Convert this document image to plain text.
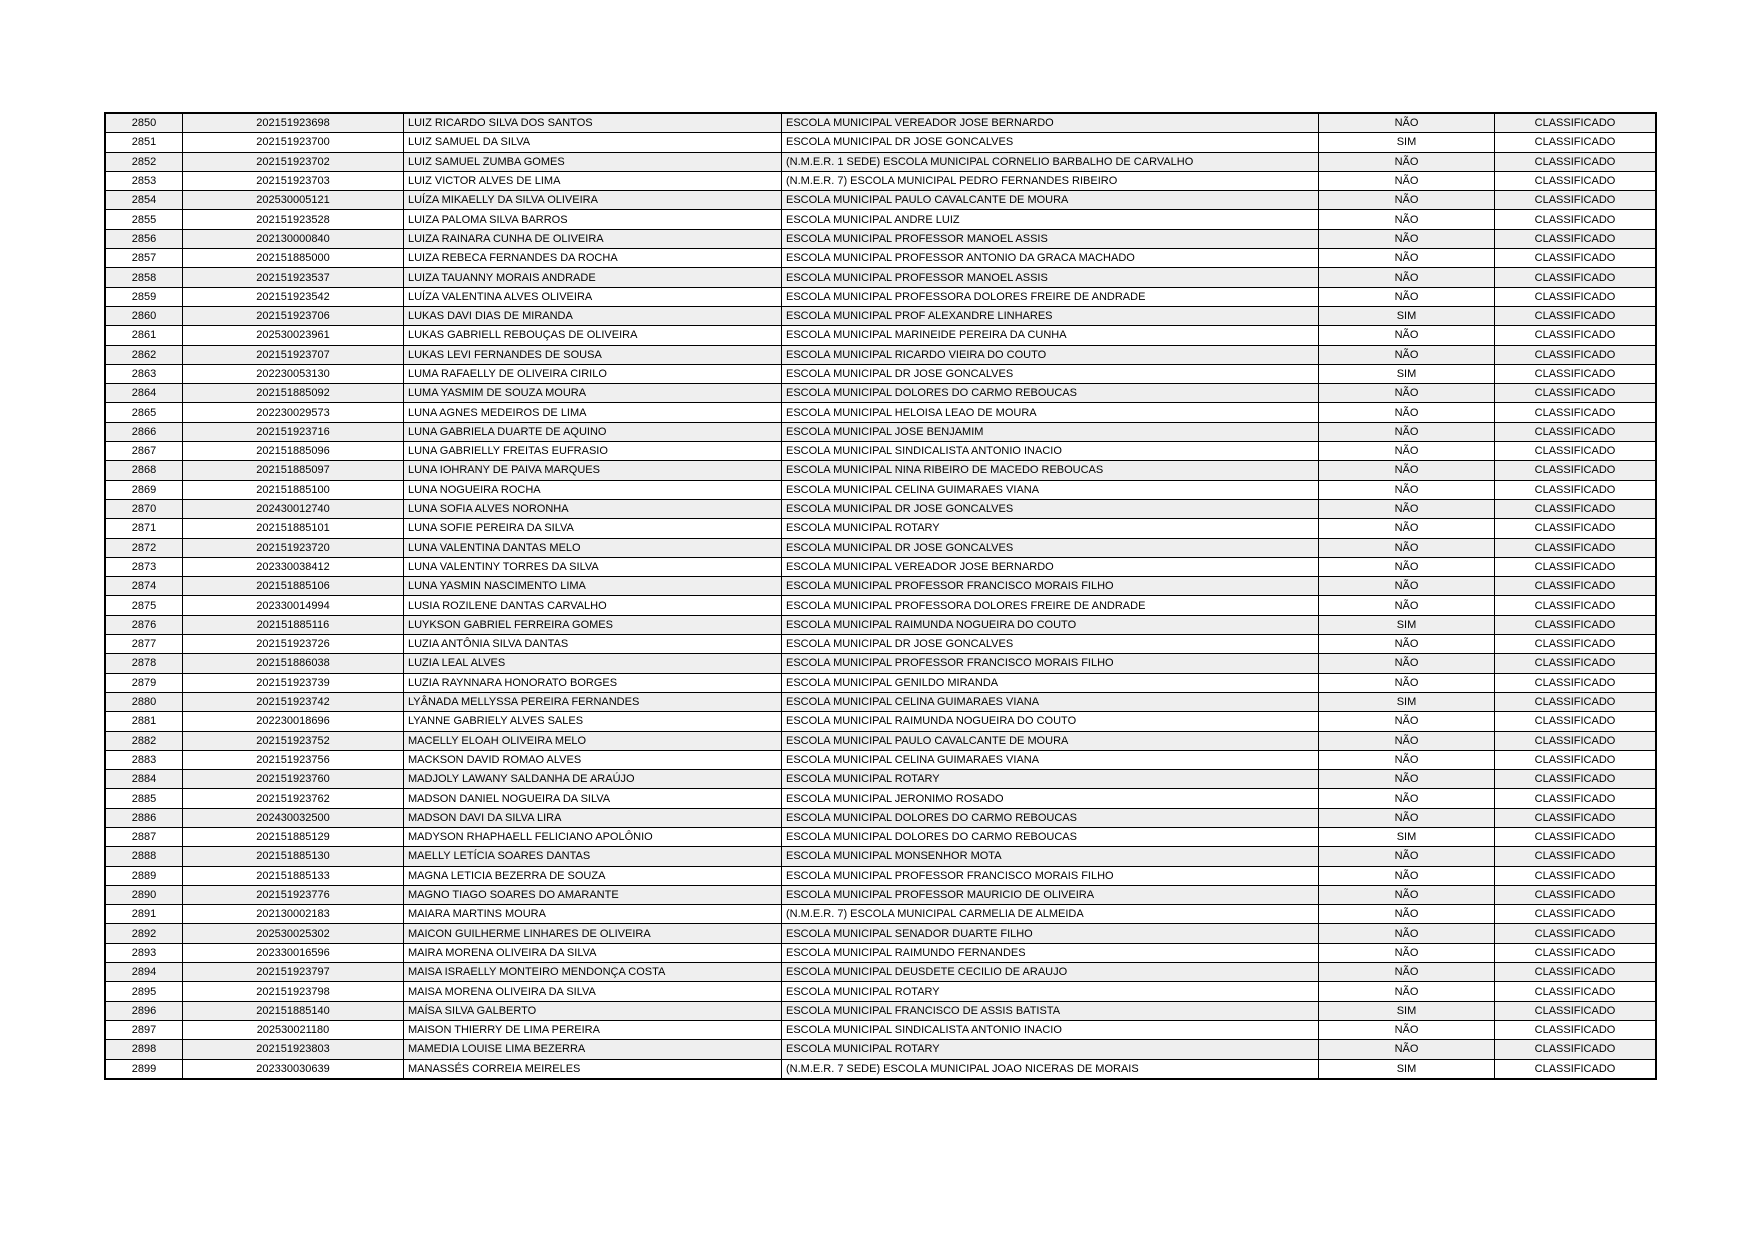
2850	202151923698	LUIZ RICARDO SILVA DOS SANTOS	ESCOLA MUNICIPAL VEREADOR JOSE BERNARDO	NÃO	CLASSIFICADO
2851	202151923700	LUIZ SAMUEL DA SILVA	ESCOLA MUNICIPAL DR JOSE GONCALVES	SIM	CLASSIFICADO
2852	202151923702	LUIZ SAMUEL ZUMBA GOMES	(N.M.E.R. 1 SEDE) ESCOLA MUNICIPAL CORNELIO BARBALHO DE CARVALHO	NÃO	CLASSIFICADO
2853	202151923703	LUIZ VICTOR ALVES DE LIMA	(N.M.E.R. 7) ESCOLA MUNICIPAL PEDRO FERNANDES RIBEIRO	NÃO	CLASSIFICADO
2854	202530005121	LUÍZA MIKAELLY DA SILVA OLIVEIRA	ESCOLA MUNICIPAL PAULO CAVALCANTE DE MOURA	NÃO	CLASSIFICADO
2855	202151923528	LUIZA PALOMA SILVA BARROS	ESCOLA MUNICIPAL ANDRE LUIZ	NÃO	CLASSIFICADO
2856	202130000840	LUIZA RAINARA CUNHA DE OLIVEIRA	ESCOLA MUNICIPAL PROFESSOR MANOEL ASSIS	NÃO	CLASSIFICADO
2857	202151885000	LUIZA REBECA FERNANDES DA ROCHA	ESCOLA MUNICIPAL PROFESSOR ANTONIO DA GRACA MACHADO	NÃO	CLASSIFICADO
2858	202151923537	LUIZA TAUANNY MORAIS ANDRADE	ESCOLA MUNICIPAL PROFESSOR MANOEL ASSIS	NÃO	CLASSIFICADO
2859	202151923542	LUÍZA VALENTINA ALVES OLIVEIRA	ESCOLA MUNICIPAL PROFESSORA DOLORES FREIRE DE ANDRADE	NÃO	CLASSIFICADO
2860	202151923706	LUKAS DAVI DIAS DE MIRANDA	ESCOLA MUNICIPAL PROF ALEXANDRE LINHARES	SIM	CLASSIFICADO
2861	202530023961	LUKAS GABRIELL REBOUÇAS DE OLIVEIRA	ESCOLA MUNICIPAL MARINEIDE PEREIRA DA CUNHA	NÃO	CLASSIFICADO
2862	202151923707	LUKAS LEVI FERNANDES DE SOUSA	ESCOLA MUNICIPAL RICARDO VIEIRA DO COUTO	NÃO	CLASSIFICADO
2863	202230053130	LUMA RAFAELLY DE OLIVEIRA CIRILO	ESCOLA MUNICIPAL DR JOSE GONCALVES	SIM	CLASSIFICADO
2864	202151885092	LUMA YASMIM DE SOUZA MOURA	ESCOLA MUNICIPAL DOLORES DO CARMO REBOUCAS	NÃO	CLASSIFICADO
2865	202230029573	LUNA AGNES MEDEIROS DE LIMA	ESCOLA MUNICIPAL HELOISA LEAO DE MOURA	NÃO	CLASSIFICADO
2866	202151923716	LUNA GABRIELA DUARTE DE AQUINO	ESCOLA MUNICIPAL JOSE BENJAMIM	NÃO	CLASSIFICADO
2867	202151885096	LUNA GABRIELLY FREITAS EUFRASIO	ESCOLA MUNICIPAL SINDICALISTA ANTONIO INACIO	NÃO	CLASSIFICADO
2868	202151885097	LUNA IOHRANY DE PAIVA MARQUES	ESCOLA MUNICIPAL NINA RIBEIRO DE MACEDO REBOUCAS	NÃO	CLASSIFICADO
2869	202151885100	LUNA NOGUEIRA ROCHA	ESCOLA MUNICIPAL CELINA GUIMARAES VIANA	NÃO	CLASSIFICADO
2870	202430012740	LUNA SOFIA ALVES NORONHA	ESCOLA MUNICIPAL DR JOSE GONCALVES	NÃO	CLASSIFICADO
2871	202151885101	LUNA SOFIE PEREIRA DA SILVA	ESCOLA MUNICIPAL ROTARY	NÃO	CLASSIFICADO
2872	202151923720	LUNA VALENTINA DANTAS MELO	ESCOLA MUNICIPAL DR JOSE GONCALVES	NÃO	CLASSIFICADO
2873	202330038412	LUNA VALENTINY TORRES DA SILVA	ESCOLA MUNICIPAL VEREADOR JOSE BERNARDO	NÃO	CLASSIFICADO
2874	202151885106	LUNA YASMIN NASCIMENTO LIMA	ESCOLA MUNICIPAL PROFESSOR FRANCISCO MORAIS FILHO	NÃO	CLASSIFICADO
2875	202330014994	LUSIA ROZILENE DANTAS CARVALHO	ESCOLA MUNICIPAL PROFESSORA DOLORES FREIRE DE ANDRADE	NÃO	CLASSIFICADO
2876	202151885116	LUYKSON GABRIEL FERREIRA GOMES	ESCOLA MUNICIPAL RAIMUNDA NOGUEIRA DO COUTO	SIM	CLASSIFICADO
2877	202151923726	LUZIA ANTÔNIA SILVA DANTAS	ESCOLA MUNICIPAL DR JOSE GONCALVES	NÃO	CLASSIFICADO
2878	202151886038	LUZIA LEAL ALVES	ESCOLA MUNICIPAL PROFESSOR FRANCISCO MORAIS FILHO	NÃO	CLASSIFICADO
2879	202151923739	LUZIA RAYNNARA HONORATO BORGES	ESCOLA MUNICIPAL GENILDO MIRANDA	NÃO	CLASSIFICADO
2880	202151923742	LYÂNADA MELLYSSA PEREIRA FERNANDES	ESCOLA MUNICIPAL CELINA GUIMARAES VIANA	SIM	CLASSIFICADO
2881	202230018696	LYANNE GABRIELY ALVES SALES	ESCOLA MUNICIPAL RAIMUNDA NOGUEIRA DO COUTO	NÃO	CLASSIFICADO
2882	202151923752	MACELLY ELOAH OLIVEIRA MELO	ESCOLA MUNICIPAL PAULO CAVALCANTE DE MOURA	NÃO	CLASSIFICADO
2883	202151923756	MACKSON DAVID ROMAO ALVES	ESCOLA MUNICIPAL CELINA GUIMARAES VIANA	NÃO	CLASSIFICADO
2884	202151923760	MADJOLY LAWANY SALDANHA DE ARAÚJO	ESCOLA MUNICIPAL ROTARY	NÃO	CLASSIFICADO
2885	202151923762	MADSON DANIEL NOGUEIRA DA SILVA	ESCOLA MUNICIPAL JERONIMO ROSADO	NÃO	CLASSIFICADO
2886	202430032500	MADSON DAVI DA SILVA LIRA	ESCOLA MUNICIPAL DOLORES DO CARMO REBOUCAS	NÃO	CLASSIFICADO
2887	202151885129	MADYSON RHAPHAELL FELICIANO APOLÔNIO	ESCOLA MUNICIPAL DOLORES DO CARMO REBOUCAS	SIM	CLASSIFICADO
2888	202151885130	MAELLY LETÍCIA SOARES DANTAS	ESCOLA MUNICIPAL MONSENHOR MOTA	NÃO	CLASSIFICADO
2889	202151885133	MAGNA LETICIA BEZERRA DE SOUZA	ESCOLA MUNICIPAL PROFESSOR FRANCISCO MORAIS FILHO	NÃO	CLASSIFICADO
2890	202151923776	MAGNO TIAGO SOARES DO AMARANTE	ESCOLA MUNICIPAL PROFESSOR MAURICIO DE OLIVEIRA	NÃO	CLASSIFICADO
2891	202130002183	MAIARA MARTINS MOURA	(N.M.E.R. 7) ESCOLA MUNICIPAL CARMELIA DE ALMEIDA	NÃO	CLASSIFICADO
2892	202530025302	MAICON GUILHERME LINHARES DE OLIVEIRA	ESCOLA MUNICIPAL SENADOR DUARTE FILHO	NÃO	CLASSIFICADO
2893	202330016596	MAIRA MORENA OLIVEIRA DA SILVA	ESCOLA MUNICIPAL RAIMUNDO FERNANDES	NÃO	CLASSIFICADO
2894	202151923797	MAISA ISRAELLY MONTEIRO MENDONÇA COSTA	ESCOLA MUNICIPAL DEUSDETE CECILIO DE ARAUJO	NÃO	CLASSIFICADO
2895	202151923798	MAISA MORENA OLIVEIRA DA SILVA	ESCOLA MUNICIPAL ROTARY	NÃO	CLASSIFICADO
2896	202151885140	MAÍSA SILVA GALBERTO	ESCOLA MUNICIPAL FRANCISCO DE ASSIS BATISTA	SIM	CLASSIFICADO
2897	202530021180	MAISON THIERRY DE LIMA PEREIRA	ESCOLA MUNICIPAL SINDICALISTA ANTONIO INACIO	NÃO	CLASSIFICADO
2898	202151923803	MAMEDIA LOUISE LIMA BEZERRA	ESCOLA MUNICIPAL ROTARY	NÃO	CLASSIFICADO
2899	202330030639	MANASSÉS CORREIA MEIRELES	(N.M.E.R. 7 SEDE) ESCOLA MUNICIPAL JOAO NICERAS DE MORAIS	SIM	CLASSIFICADO
